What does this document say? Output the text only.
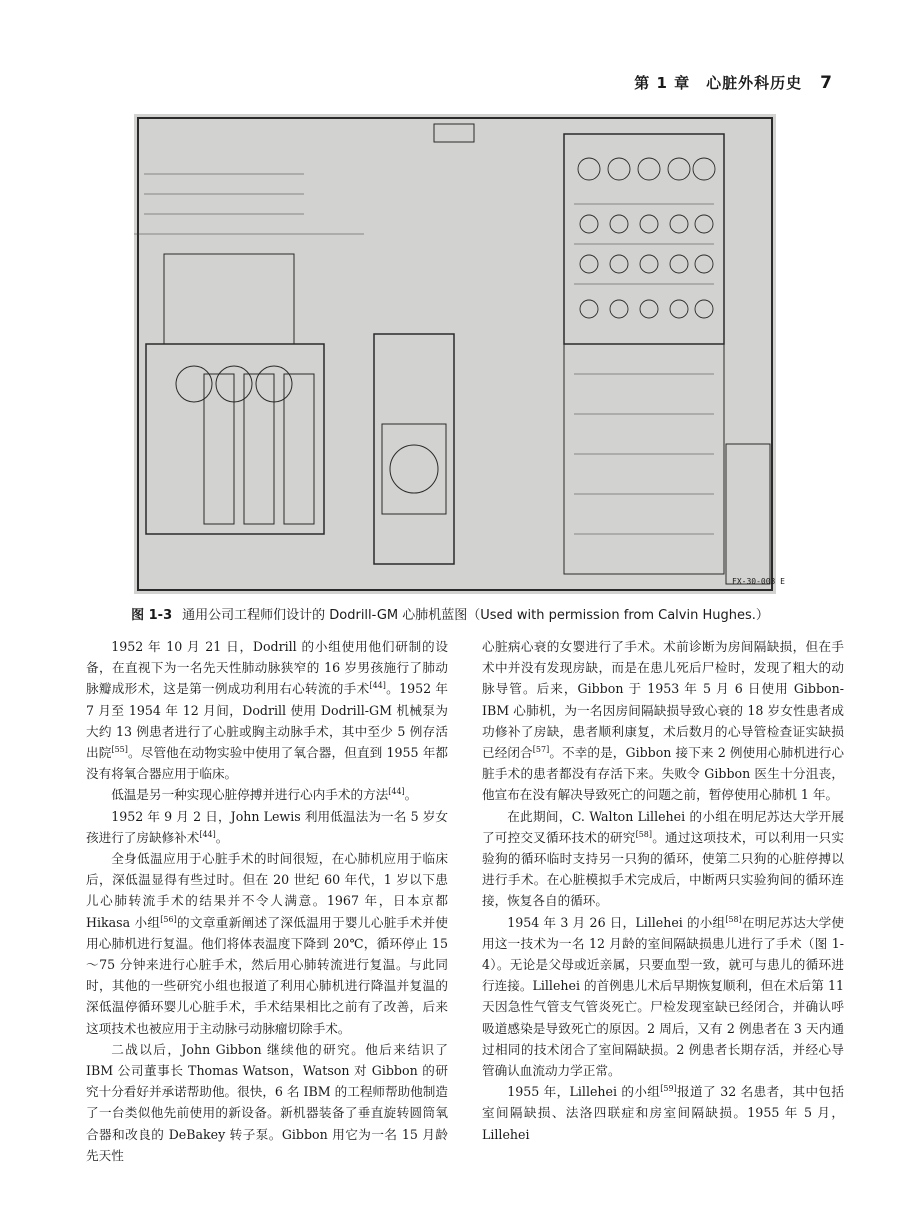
第 1 章　心脏外科历史 7
FX-30-003 E
图 1-3 通用公司工程师们设计的 Dodrill-GM 心肺机蓝图（Used with permission from Calvin Hughes.）

1952 年 10 月 21 日，Dodrill 的小组使用他们研制的设备，在直视下为一名先天性肺动脉狭窄的 16 岁男孩施行了肺动脉瓣成形术，这是第一例成功利用右心转流的手术[44]。1952 年 7 月至 1954 年 12 月间，Dodrill 使用 Dodrill-GM 机械泵为大约 13 例患者进行了心脏或胸主动脉手术，其中至少 5 例存活出院[55]。尽管他在动物实验中使用了氧合器，但直到 1955 年都没有将氧合器应用于临床。

低温是另一种实现心脏停搏并进行心内手术的方法[44]。

1952 年 9 月 2 日，John Lewis 利用低温法为一名 5 岁女孩进行了房缺修补术[44]。

全身低温应用于心脏手术的时间很短，在心肺机应用于临床后，深低温显得有些过时。但在 20 世纪 60 年代，1 岁以下患儿心肺转流手术的结果并不令人满意。1967 年，日本京都 Hikasa 小组[56]的文章重新阐述了深低温用于婴儿心脏手术并使用心肺机进行复温。他们将体表温度下降到 20℃，循环停止 15～75 分钟来进行心脏手术，然后用心肺转流进行复温。与此同时，其他的一些研究小组也报道了利用心肺机进行降温并复温的深低温停循环婴儿心脏手术，手术结果相比之前有了改善，后来这项技术也被应用于主动脉弓动脉瘤切除手术。

二战以后，John Gibbon 继续他的研究。他后来结识了 IBM 公司董事长 Thomas Watson，Watson 对 Gibbon 的研究十分看好并承诺帮助他。很快，6 名 IBM 的工程师帮助他制造了一台类似他先前使用的新设备。新机器装备了垂直旋转圆筒氧合器和改良的 DeBakey 转子泵。Gibbon 用它为一名 15 月龄先天性

心脏病心衰的女婴进行了手术。术前诊断为房间隔缺损，但在手术中并没有发现房缺，而是在患儿死后尸检时，发现了粗大的动脉导管。后来，Gibbon 于 1953 年 5 月 6 日使用 Gibbon-IBM 心肺机，为一名因房间隔缺损导致心衰的 18 岁女性患者成功修补了房缺，患者顺利康复，术后数月的心导管检查证实缺损已经闭合[57]。不幸的是，Gibbon 接下来 2 例使用心肺机进行心脏手术的患者都没有存活下来。失败令 Gibbon 医生十分沮丧，他宣布在没有解决导致死亡的问题之前，暂停使用心肺机 1 年。

在此期间，C. Walton Lillehei 的小组在明尼苏达大学开展了可控交叉循环技术的研究[58]。通过这项技术，可以利用一只实验狗的循环临时支持另一只狗的循环，使第二只狗的心脏停搏以进行手术。在心脏模拟手术完成后，中断两只实验狗间的循环连接，恢复各自的循环。

1954 年 3 月 26 日，Lillehei 的小组[58]在明尼苏达大学使用这一技术为一名 12 月龄的室间隔缺损患儿进行了手术（图 1-4）。无论是父母或近亲属，只要血型一致，就可与患儿的循环进行连接。Lillehei 的首例患儿术后早期恢复顺利，但在术后第 11 天因急性气管支气管炎死亡。尸检发现室缺已经闭合，并确认呼吸道感染是导致死亡的原因。2 周后，又有 2 例患者在 3 天内通过相同的技术闭合了室间隔缺损。2 例患者长期存活，并经心导管确认血流动力学正常。

1955 年，Lillehei 的小组[59]报道了 32 名患者，其中包括室间隔缺损、法洛四联症和房室间隔缺损。1955 年 5 月，Lillehei
